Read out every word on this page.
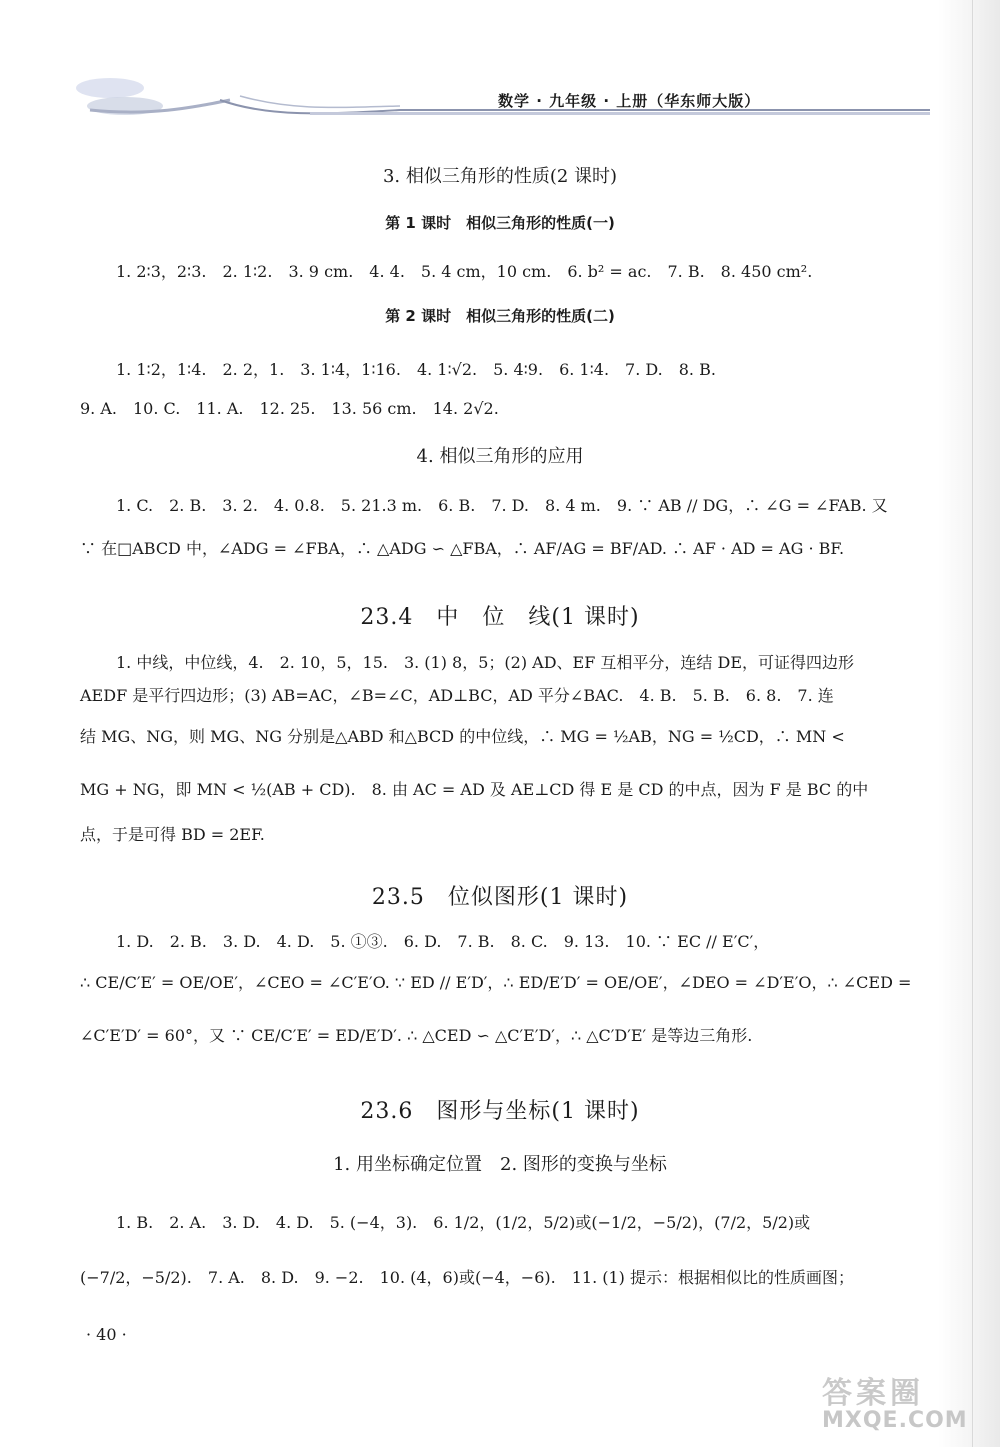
数学 · 九年级 · 上册（华东师大版）
3. 相似三角形的性质(2 课时)
第 1 课时　相似三角形的性质(一)
1. 2∶3，2∶3.　2. 1∶2.　3. 9 cm.　4. 4.　5. 4 cm，10 cm.　6. b² = ac.　7. B.　8. 450 cm².
第 2 课时　相似三角形的性质(二)
1. 1∶2，1∶4.　2. 2，1.　3. 1∶4，1∶16.　4. 1∶√2.　5. 4∶9.　6. 1∶4.　7. D.　8. B.
9. A.　10. C.　11. A.　12. 25.　13. 56 cm.　14. 2√2.
4. 相似三角形的应用
1. C.　2. B.　3. 2.　4. 0.8.　5. 21.3 m.　6. B.　7. D.　8. 4 m.　9. ∵ AB // DG，∴ ∠G = ∠FAB. 又
∵ 在□ABCD 中，∠ADG = ∠FBA，∴ △ADG ∽ △FBA，∴ AF/AG = BF/AD. ∴ AF · AD = AG · BF.
23.4　中　位　线(1 课时)
1. 中线，中位线，4.　2. 10，5，15.　3. (1) 8，5；(2) AD、EF 互相平分，连结 DE，可证得四边形
AEDF 是平行四边形；(3) AB=AC，∠B=∠C，AD⊥BC，AD 平分∠BAC.　4. B.　5. B.　6. 8.　7. 连
结 MG、NG，则 MG、NG 分别是△ABD 和△BCD 的中位线，∴ MG = ½AB，NG = ½CD，∴ MN <
MG + NG，即 MN < ½(AB + CD).　8. 由 AC = AD 及 AE⊥CD 得 E 是 CD 的中点，因为 F 是 BC 的中
点，于是可得 BD = 2EF.
23.5　位似图形(1 课时)
1. D.　2. B.　3. D.　4. D.　5. ①③.　6. D.　7. B.　8. C.　9. 13.　10. ∵ EC // E′C′，
∴ CE/C′E′ = OE/OE′，∠CEO = ∠C′E′O. ∵ ED // E′D′，∴ ED/E′D′ = OE/OE′，∠DEO = ∠D′E′O，∴ ∠CED =
∠C′E′D′ = 60°，又 ∵ CE/C′E′ = ED/E′D′. ∴ △CED ∽ △C′E′D′，∴ △C′D′E′ 是等边三角形.
23.6　图形与坐标(1 课时)
1. 用坐标确定位置　2. 图形的变换与坐标
1. B.　2. A.　3. D.　4. D.　5. (−4，3).　6. 1/2，(1/2，5/2)或(−1/2，−5/2)，(7/2，5/2)或
(−7/2，−5/2).　7. A.　8. D.　9. −2.　10. (4，6)或(−4，−6).　11. (1) 提示：根据相似比的性质画图；
· 40 ·
答案圈
MXQE.COM
